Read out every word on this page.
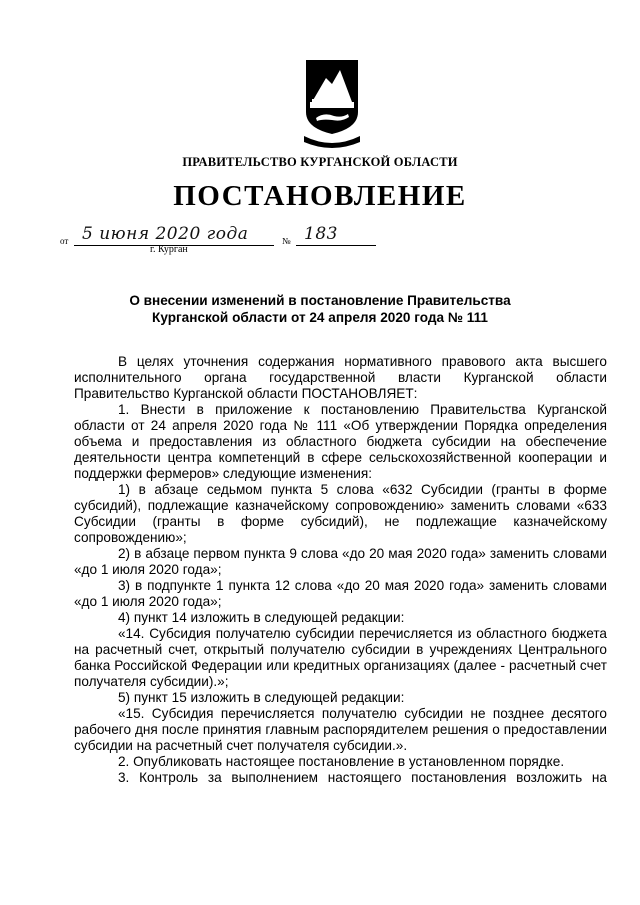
ПРАВИТЕЛЬСТВО КУРГАНСКОЙ ОБЛАСТИ
ПОСТАНОВЛЕНИЕ
от 5 июня 2020 года	№ 183
г. Курган
О внесении изменений в постановление Правительства
Курганской области от 24 апреля 2020 года № 111

В целях уточнения содержания нормативного правового акта высшего исполнительного органа государственной власти Курганской области Правительство Курганской области ПОСТАНОВЛЯЕТ:

1. Внести в приложение к постановлению Правительства Курганской области от 24 апреля 2020 года № 111 «Об утверждении Порядка определения объема и предоставления из областного бюджета субсидии на обеспечение деятельности центра компетенций в сфере сельскохозяйственной кооперации и поддержки фермеров» следующие изменения:

1) в абзаце седьмом пункта 5 слова «632 Субсидии (гранты в форме субсидий), подлежащие казначейскому сопровождению» заменить словами «633 Субсидии (гранты в форме субсидий), не подлежащие казначейскому сопровождению»;

2) в абзаце первом пункта 9 слова «до 20 мая 2020 года» заменить словами «до 1 июля 2020 года»;

3) в подпункте 1 пункта 12 слова «до 20 мая 2020 года» заменить словами «до 1 июля 2020 года»;

4) пункт 14 изложить в следующей редакции:

«14. Субсидия получателю субсидии перечисляется из областного бюджета на расчетный счет, открытый получателю субсидии в учреждениях Центрального банка Российской Федерации или кредитных организациях (далее - расчетный счет получателя субсидии).»;

5) пункт 15 изложить в следующей редакции:

«15. Субсидия перечисляется получателю субсидии не позднее десятого рабочего дня после принятия главным распорядителем решения о предоставлении субсидии на расчетный счет получателя субсидии.».

2. Опубликовать настоящее постановление в установленном порядке.

3. Контроль за выполнением настоящего постановления возложить на
